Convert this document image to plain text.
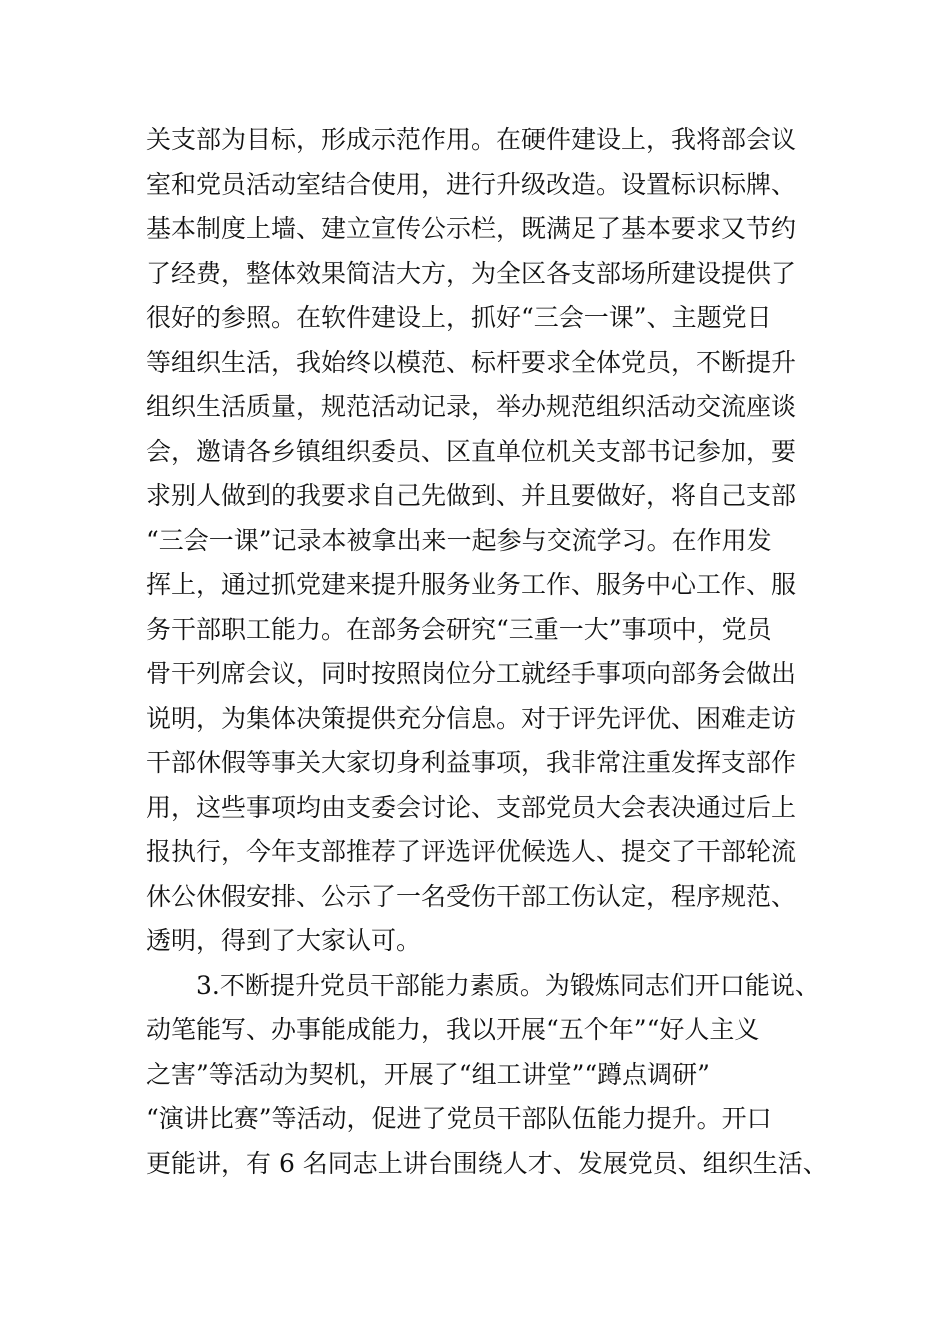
关支部为目标，形成示范作用。在硬件建设上，我将部会议
室和党员活动室结合使用，进行升级改造。设置标识标牌、
基本制度上墙、建立宣传公示栏，既满足了基本要求又节约
了经费，整体效果简洁大方，为全区各支部场所建设提供了
很好的参照。在软件建设上，抓好“三会一课”、主题党日
等组织生活，我始终以模范、标杆要求全体党员，不断提升
组织生活质量，规范活动记录，举办规范组织活动交流座谈
会，邀请各乡镇组织委员、区直单位机关支部书记参加，要
求别人做到的我要求自己先做到、并且要做好，将自己支部
“三会一课”记录本被拿出来一起参与交流学习。在作用发
挥上，通过抓党建来提升服务业务工作、服务中心工作、服
务干部职工能力。在部务会研究“三重一大”事项中，党员
骨干列席会议，同时按照岗位分工就经手事项向部务会做出
说明，为集体决策提供充分信息。对于评先评优、困难走访
干部休假等事关大家切身利益事项，我非常注重发挥支部作
用，这些事项均由支委会讨论、支部党员大会表决通过后上
报执行，今年支部推荐了评选评优候选人、提交了干部轮流
休公休假安排、公示了一名受伤干部工伤认定，程序规范、
透明，得到了大家认可。
3.不断提升党员干部能力素质。为锻炼同志们开口能说、
动笔能写、办事能成能力，我以开展“五个年”“好人主义
之害”等活动为契机，开展了“组工讲堂”“蹲点调研”
“演讲比赛”等活动，促进了党员干部队伍能力提升。开口
更能讲，有 6 名同志上讲台围绕人才、发展党员、组织生活、
